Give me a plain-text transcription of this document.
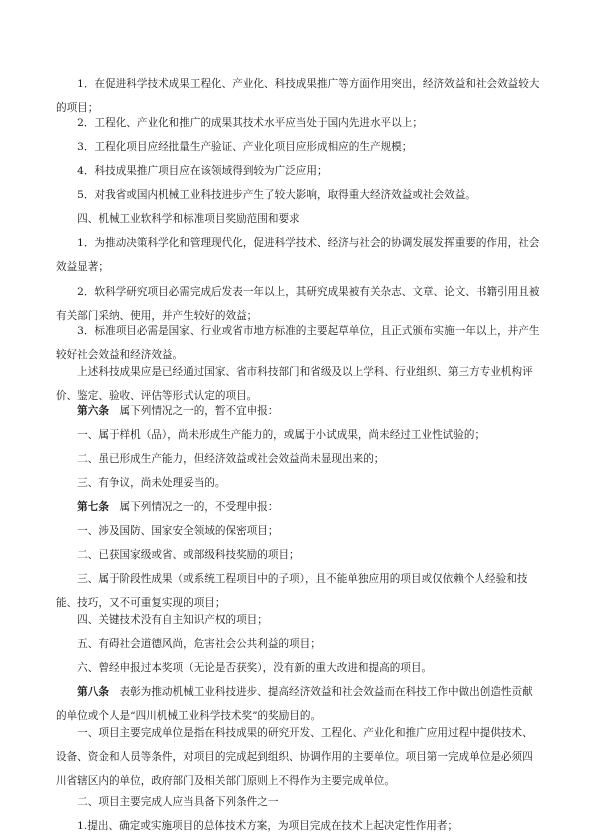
　　1．在促进科学技术成果工程化、产业化、科技成果推广等方面作用突出，经济效益和社会效益较大的项目；

　　2．工程化、产业化和推广的成果其技术水平应当处于国内先进水平以上；

　　3．工程化项目应经批量生产验证、产业化项目应形成相应的生产规模；

　　4．科技成果推广项目应在该领域得到较为广泛应用；

　　5．对我省或国内机械工业科技进步产生了较大影响，取得重大经济效益或社会效益。

　　四、机械工业软科学和标准项目奖励范围和要求

　　1．为推动决策科学化和管理现代化，促进科学技术、经济与社会的协调发展发挥重要的作用，社会效益显著；

　　2．软科学研究项目必需完成后发表一年以上，其研究成果被有关杂志、文章、论文、书籍引用且被有关部门采纳、使用，并产生较好的效益；

　　3．标准项目必需是国家、行业或省市地方标准的主要起草单位，且正式颁布实施一年以上，并产生较好社会效益和经济效益。

　　上述科技成果应是已经通过国家、省市科技部门和省级及以上学科、行业组织、第三方专业机构评价、鉴定、验收、评估等形式认定的项目。

　　第六条　属下列情况之一的，暂不宜申报：

　　一、属于样机（品），尚未形成生产能力的，或属于小试成果，尚未经过工业性试验的；

　　二、虽已形成生产能力，但经济效益或社会效益尚未显现出来的；

　　三、有争议，尚未处理妥当的。

　　第七条　属下列情况之一的，不受理申报：

　　一、涉及国防、国家安全领域的保密项目；

　　二、已获国家级或省、或部级科技奖励的项目；

　　三、属于阶段性成果（或系统工程项目中的子项），且不能单独应用的项目或仅依赖个人经验和技能、技巧，又不可重复实现的项目；

　　四、关键技术没有自主知识产权的项目；

　　五、有碍社会道德风尚，危害社会公共利益的项目；

　　六、曾经申报过本奖项（无论是否获奖），没有新的重大改进和提高的项目。

　　第八条　表彰为推动机械工业科技进步、提高经济效益和社会效益而在科技工作中做出创造性贡献的单位或个人是“四川机械工业科学技术奖”的奖励目的。

　　一、项目主要完成单位是指在科技成果的研究开发、工程化、产业化和推广应用过程中提供技术、设备、资金和人员等条件，对项目的完成起到组织、协调作用的主要单位。项目第一完成单位是必须四川省辖区内的单位，政府部门及相关部门原则上不得作为主要完成单位。

　　二、项目主要完成人应当具备下列条件之一

　　1.提出、确定或实施项目的总体技术方案，为项目完成在技术上起决定性作用者；
